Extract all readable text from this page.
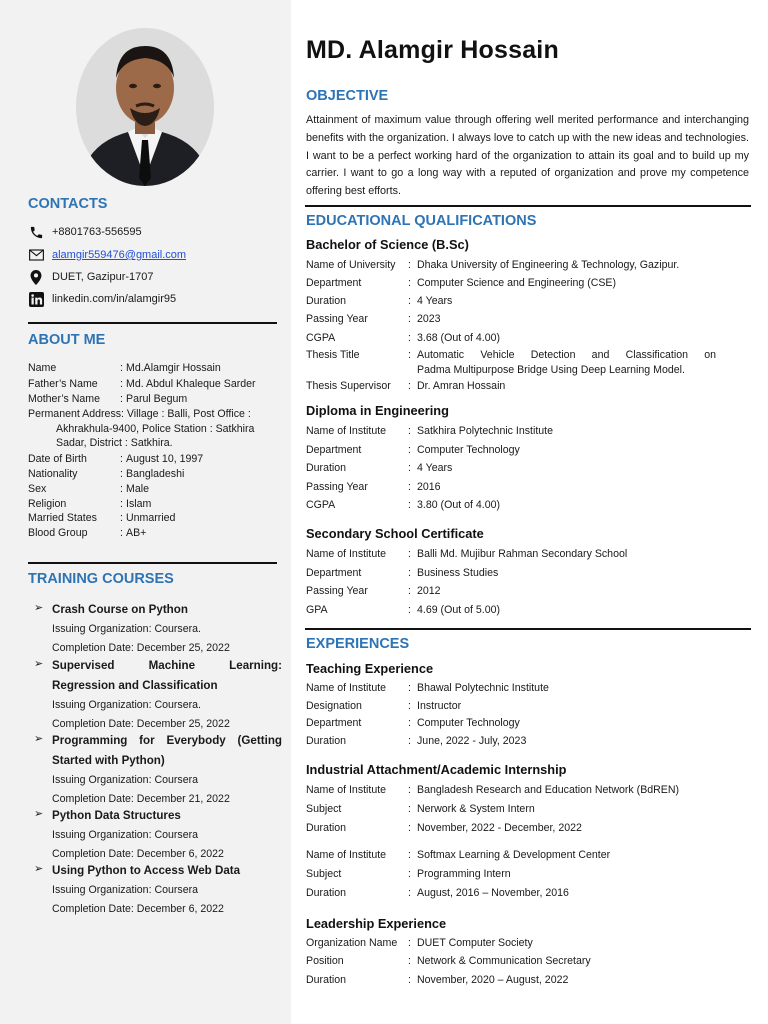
CONTACTS
+8801763-556595
alamgir559476@gmail.com
DUET, Gazipur-1707
linkedin.com/in/alamgir95
ABOUT ME
Name	: Md.Alamgir Hossain
Father’s Name	: Md. Abdul Khaleque Sarder
Mother’s Name	: Parul Begum
Permanent Address: Village : Balli, Post Office :
Akhrakhula-9400, Police Station : Satkhira
Sadar, District : Satkhira.
Date of Birth	: August 10, 1997
Nationality	: Bangladeshi
Sex	: Male
Religion	: Islam
Married States	: Unmarried
Blood Group	: AB+
TRAINING COURSES
➢ Crash Course on Python
Issuing Organization: Coursera.
Completion Date: December 25, 2022
➢ Supervised Machine Learning:
Regression and Classification
Issuing Organization: Coursera.
Completion Date: December 25, 2022
➢ Programming for Everybody (Getting
Started with Python)
Issuing Organization: Coursera
Completion Date: December 21, 2022
➢ Python Data Structures
Issuing Organization: Coursera
Completion Date: December 6, 2022
➢ Using Python to Access Web Data
Issuing Organization: Coursera
Completion Date: December 6, 2022
MD. Alamgir Hossain
OBJECTIVE
Attainment of maximum value through offering well merited performance and interchanging benefits with the organization. I always love to catch up with the new ideas and technologies. I want to be a perfect working hard of the organization to attain its goal and to build up my carrier. I want to go a long way with a reputed of organization and prove my competence offering best efforts.
EDUCATIONAL QUALIFICATIONS
Bachelor of Science (B.Sc)
Name of University	: Dhaka University of Engineering & Technology, Gazipur.
Department	: Computer Science and Engineering (CSE)
Duration	: 4 Years
Passing Year	: 2023
CGPA	: 3.68 (Out of 4.00)
Thesis Title	: Automatic Vehicle Detection and Classification on
Padma Multipurpose Bridge Using Deep Learning Model.
Thesis Supervisor	: Dr. Amran Hossain
Diploma in Engineering
Name of Institute	: Satkhira Polytechnic Institute
Department	: Computer Technology
Duration	: 4 Years
Passing Year	: 2016
CGPA	: 3.80 (Out of 4.00)
Secondary School Certificate
Name of Institute	: Balli Md. Mujibur Rahman Secondary School
Department	: Business Studies
Passing Year	: 2012
GPA	: 4.69 (Out of 5.00)
EXPERIENCES
Teaching Experience
Name of Institute	: Bhawal Polytechnic Institute
Designation	: Instructor
Department	: Computer Technology
Duration	: June, 2022 - July, 2023
Industrial Attachment/Academic Internship
Name of Institute	: Bangladesh Research and Education Network (BdREN)
Subject	: Nerwork & System Intern
Duration	: November, 2022 - December, 2022
Name of Institute	: Softmax Learning & Development Center
Subject	: Programming Intern
Duration	: August, 2016 – November, 2016
Leadership Experience
Organization Name	: DUET Computer Society
Position	: Network & Communication Secretary
Duration	: November, 2020 – August, 2022
